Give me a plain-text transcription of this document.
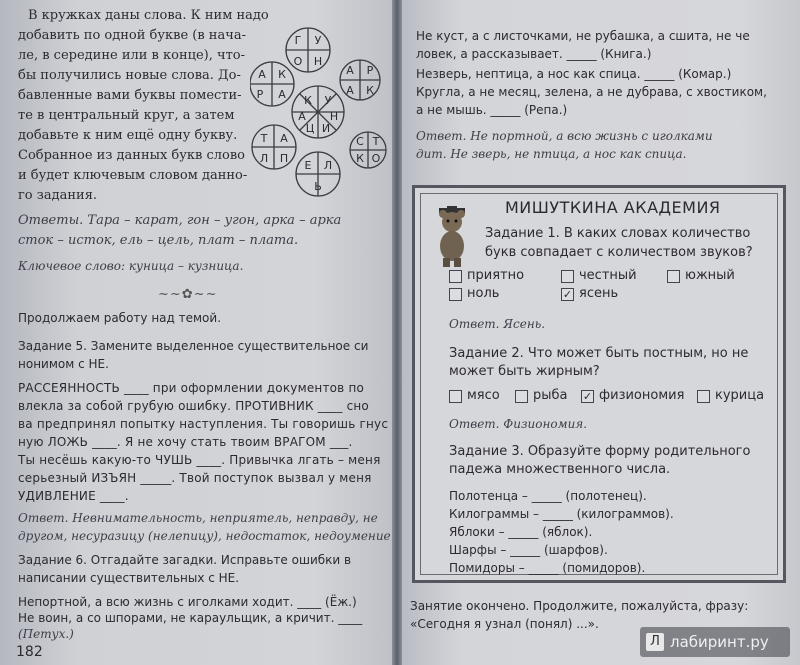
В кружках даны слова. К ним надо
добавить по одной букве (в нача-
ле, в середине или в конце), что-
бы получились новые слова. До-
бавленные вами буквы помести-
те в центральный круг, а затем
добавьте к ним ещё одну букву.
Собранное из данных букв слово
и будет ключевым словом данно-
го задания.
Г У
О Н
А К
Р А
А Р
К
А
К У
Н
И
Ц
А
Т А
П
Л
Е Л
Ь
С Т
О
К
Ответы. Тара – карат, гон – угон, арка – арка
сток – исток, ель – цель, плат – плата.
Ключевое слово: куница – кузница.
~~✿~~
Продолжаем работу над темой.
Задание 5. Замените выделенное существительное си
нонимом с НЕ.
РАССЕЯННОСТЬ ____ при оформлении документов по
влекла за собой грубую ошибку. ПРОТИВНИК ____ сно
ва предпринял попытку наступления. Ты говоришь гнус
ную ЛОЖЬ ____. Я не хочу стать твоим ВРАГОМ ___.
Ты несёшь какую-то ЧУШЬ ____. Привычка лгать – меня
серьезный ИЗЪЯН _____. Твой поступок вызвал у меня
УДИВЛЕНИЕ ____.
Ответ. Невнимательность, неприятель, неправду, не
другом, несуразицу (нелепицу), недостаток, недоумение
Задание 6. Отгадайте загадки. Исправьте ошибки в
написании существительных с НЕ.
Непортной, а всю жизнь с иголками ходит. ____ (Ёж.)
Не воин, а со шпорами, не караульщик, а кричит. ____
(Петух.)
182
Не куст, а с листочками, не рубашка, а сшита, не че
ловек, а рассказывает. _____ (Книга.)
Незверь, нептица, а нос как спица. _____ (Комар.)
Кругла, а не месяц, зелена, а не дубрава, с хвостиком,
а не мышь. _____ (Репа.)
Ответ. Не портной, а всю жизнь с иголками
дит. Не зверь, не птица, а нос как спица.
МИШУТКИНА АКАДЕМИЯ
Задание 1. В каких словах количество
букв совпадает с количеством звуков?
приятно	честный	южный
ноль	✓ ясень
Ответ. Ясень.
Задание 2. Что может быть постным, но не
может быть жирным?
мясо	рыба ✓ физиономия курица
Ответ. Физиономия.
Задание 3. Образуйте форму родительного
падежа множественного числа.
Полотенца – _____ (полотенец).
Килограммы – _____ (килограммов).
Яблоки – _____ (яблок).
Шарфы – _____ (шарфов).
Помидоры – _____ (помидоров).
Занятие окончено. Продолжите, пожалуйста, фразу:
«Сегодня я узнал (понял) ...».
Л лабиринт.ру
